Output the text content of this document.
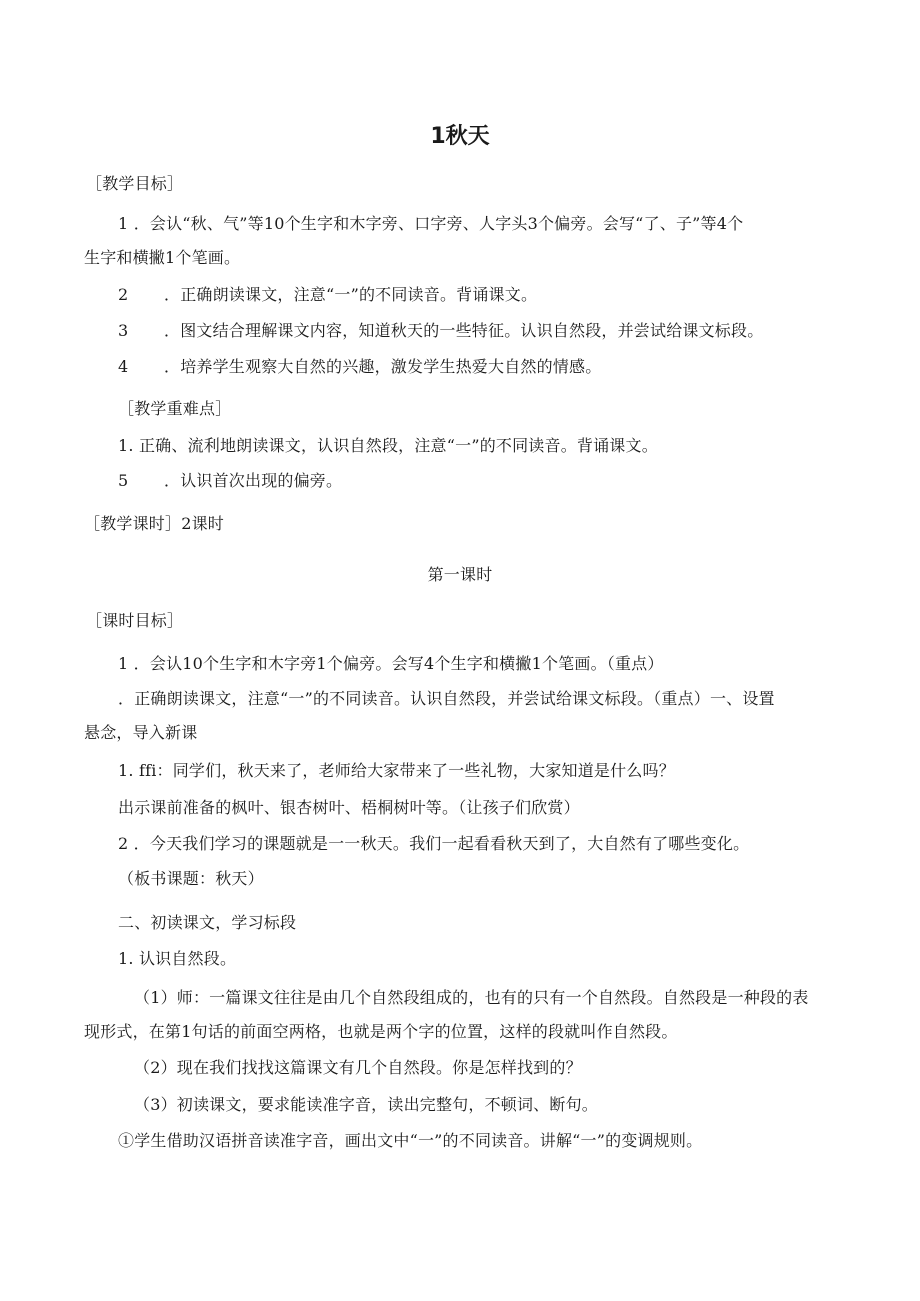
1秋天
［教学目标］
1 ．会认“秋、气”等10个生字和木字旁、口字旁、人字头3个偏旁。会写“了、子”等4个
生字和横撇1个笔画。
2 ．正确朗读课文，注意“一”的不同读音。背诵课文。
3 ．图文结合理解课文内容，知道秋天的一些特征。认识自然段，并尝试给课文标段。
4 ．培养学生观察大自然的兴趣，激发学生热爱大自然的情感。
［教学重难点］
1. 正确、流利地朗读课文，认识自然段，注意“一”的不同读音。背诵课文。
5 ．认识首次出现的偏旁。
［教学课时］2课时
第一课时
［课时目标］
1 ．会认10个生字和木字旁1个偏旁。会写4个生字和横撇1个笔画。（重点）
．正确朗读课文，注意“一”的不同读音。认识自然段，并尝试给课文标段。（重点）一、设置
悬念，导入新课
1. ffi：同学们，秋天来了，老师给大家带来了一些礼物，大家知道是什么吗？
出示课前准备的枫叶、银杏树叶、梧桐树叶等。（让孩子们欣赏）
2 ．今天我们学习的课题就是一一秋天。我们一起看看秋天到了，大自然有了哪些变化。
（板书课题：秋天）
二、初读课文，学习标段
1. 认识自然段。
（1）师：一篇课文往往是由几个自然段组成的，也有的只有一个自然段。自然段是一种段的表
现形式，在第1句话的前面空两格，也就是两个字的位置，这样的段就叫作自然段。
（2）现在我们找找这篇课文有几个自然段。你是怎样找到的？
（3）初读课文，要求能读准字音，读出完整句，不顿词、断句。
①学生借助汉语拼音读准字音，画出文中“一”的不同读音。讲解“一”的变调规则。
